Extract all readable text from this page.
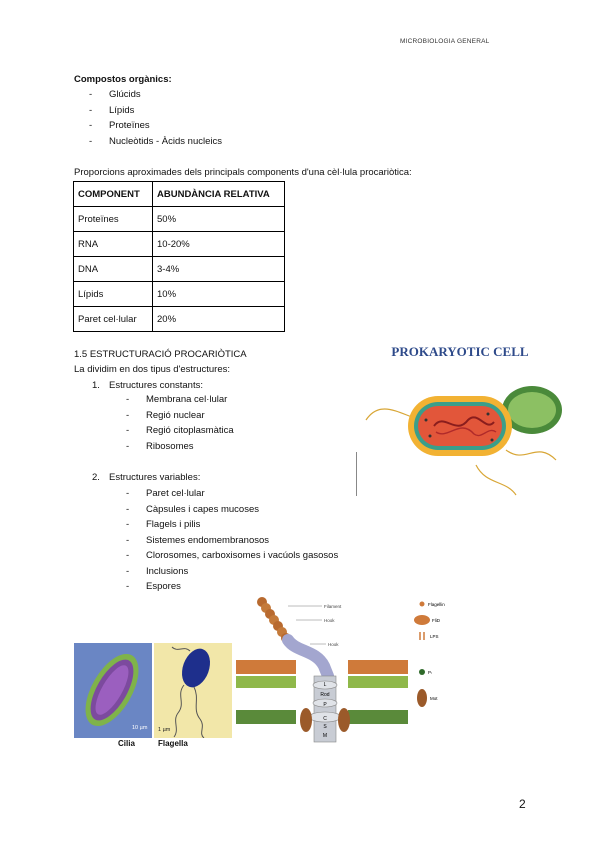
MICROBIOLOGIA GENERAL
Compostos orgànics:
- Glúcids
- Lípids
- Proteïnes
- Nucleòtids - Àcids nucleics
Proporcions aproximades dels principals components d'una cèl·lula procariòtica:
COMPONENT	ABUNDÀNCIA RELATIVA
Proteïnes	50%
RNA	10-20%
DNA	3-4%
Lípids	10%
Paret cel·lular	20%
1.5 ESTRUCTURACIÓ PROCARIÒTICA
La dividim en dos tipus d'estructures:
1. Estructures constants:
- Membrana cel·lular
- Regió nuclear
- Regió citoplasmàtica
- Ribosomes
2. Estructures variables:
- Paret cel·lular
- Càpsules i capes mucoses
- Flagels i pilis
- Sistemes endomembranosos
- Clorosomes, carboxisomes i vacúols gasosos
- Inclusions
- Espores
PROKARYOTIC CELL
10 µm
Cilia
1 µm
Flagella
L
Rod
P
C
S
M
Filament
Hook
Hook
Flagellin
FliD
LPS
Pₗ
Mot
2
